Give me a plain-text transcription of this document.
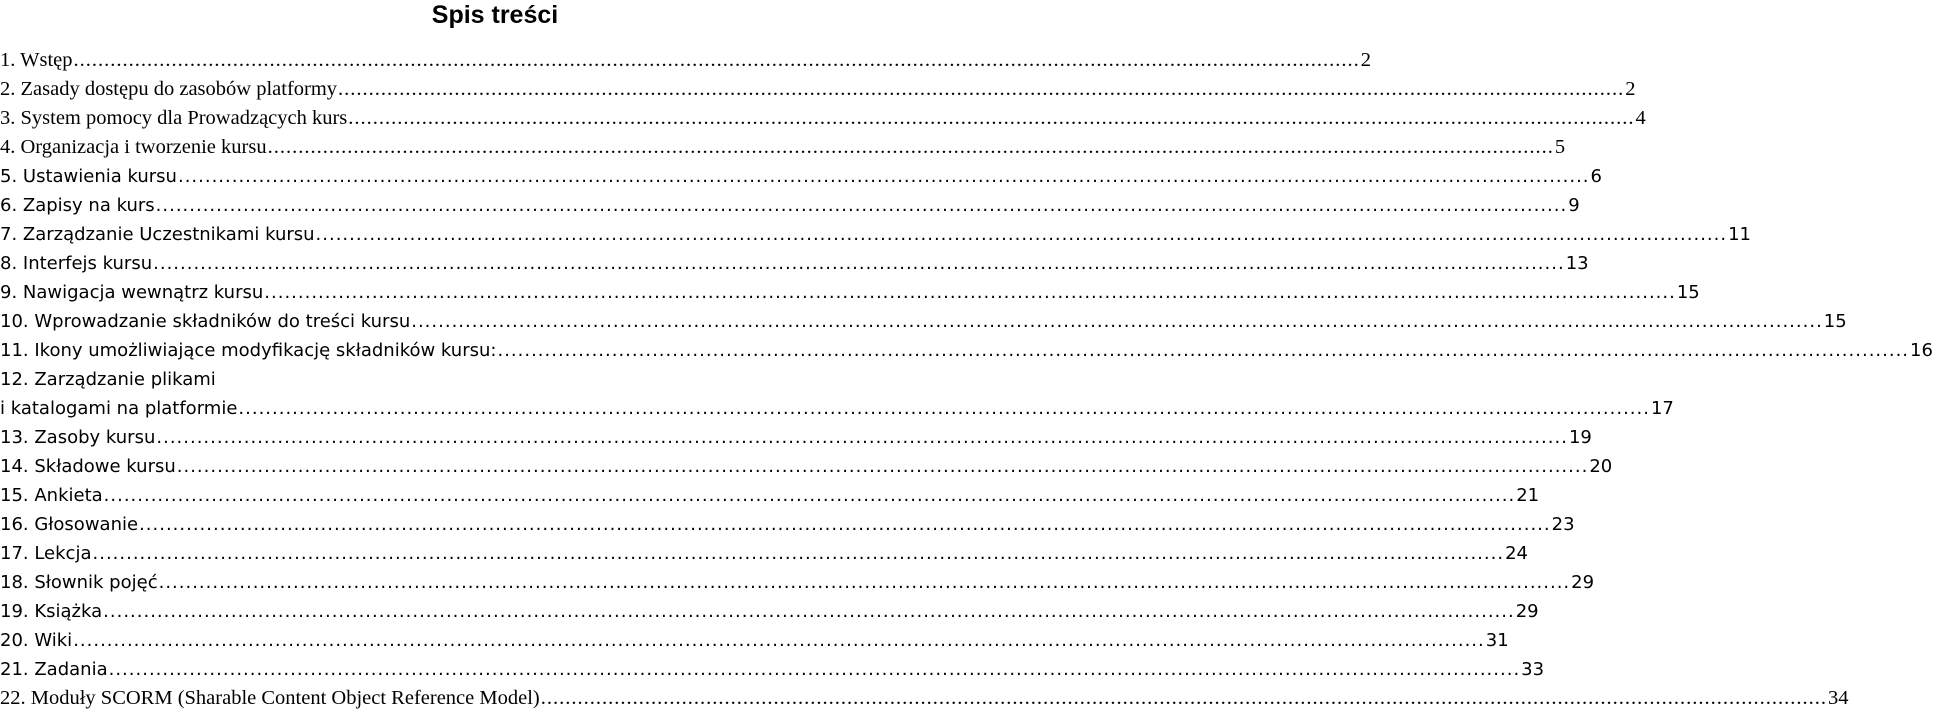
Spis treści
1. Wstęp .....	2
2. Zasady dostępu do zasobów platformy .....	2
3. System pomocy dla Prowadzących kurs .....	4
4. Organizacja i tworzenie kursu .....	5
5. Ustawienia kursu .....	6
6. Zapisy na kurs .....	9
7. Zarządzanie Uczestnikami kursu .....	11
8. Interfejs kursu .....	13
9. Nawigacja wewnątrz kursu .....	15
10. Wprowadzanie składników do treści kursu .....	15
11. Ikony umożliwiające modyfikację składników kursu: .....	16
12. Zarządzanie plikami
i katalogami na platformie .....	17
13. Zasoby kursu .....	19
14. Składowe kursu .....	20
15. Ankieta .....	21
16. Głosowanie .....	23
17. Lekcja .....	24
18. Słownik pojęć .....	29
19. Książka .....	29
20. Wiki .....	31
21. Zadania .....	33
22. Moduły SCORM (Sharable Content Object Reference Model) .....	34
